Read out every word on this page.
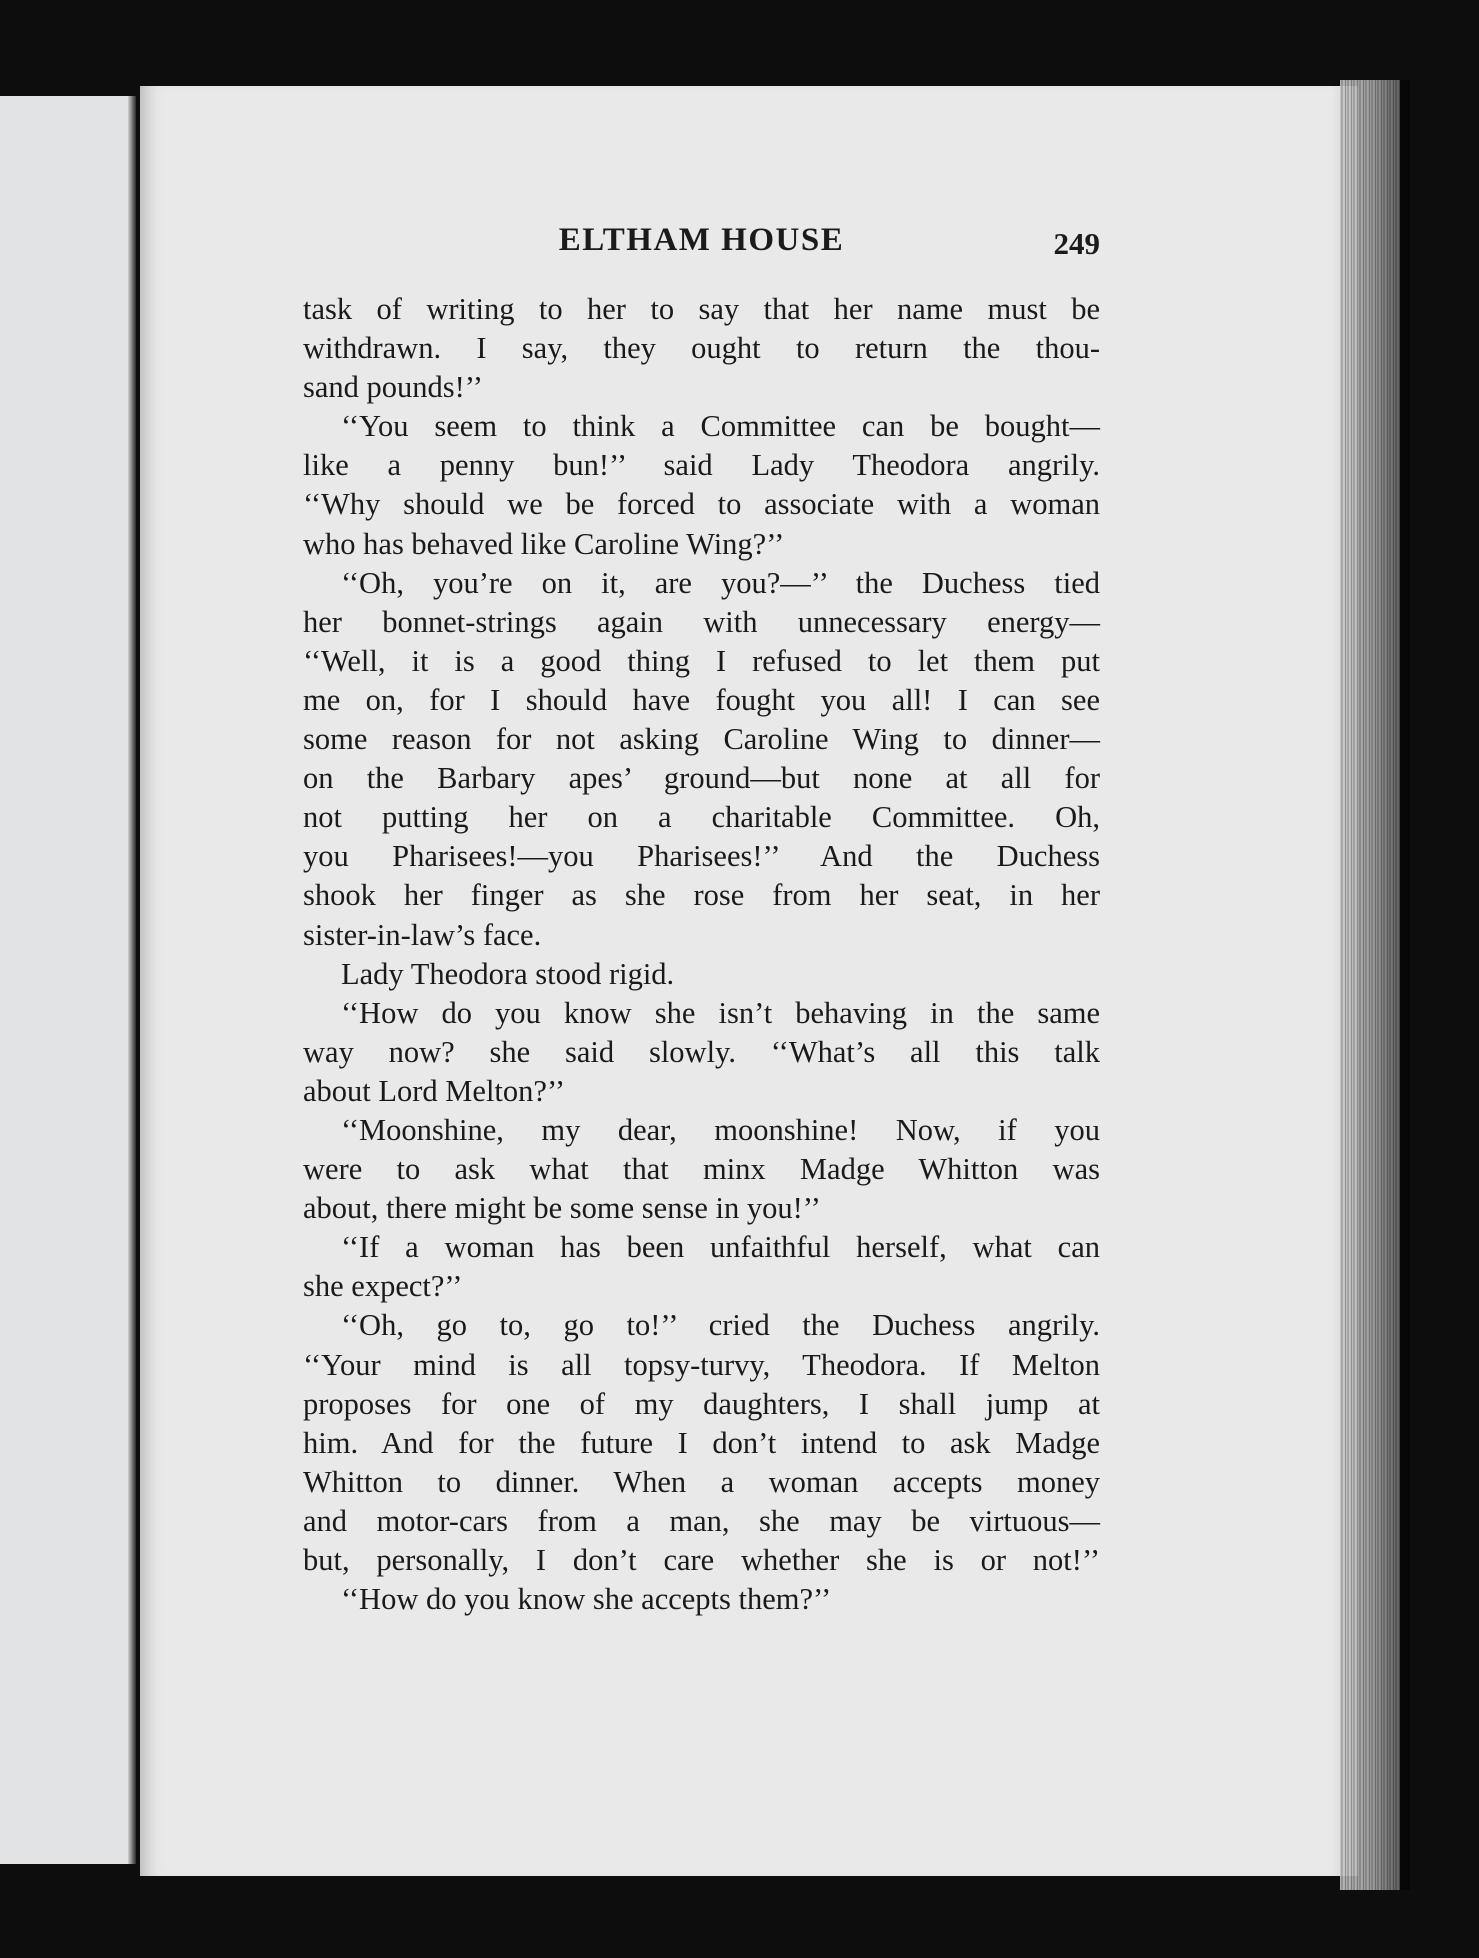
ELTHAM HOUSE	249
task of writing to her to say that her name must be
withdrawn. I say, they ought to return the thou-
sand pounds!’’
‘‘You seem to think a Committee can be bought—
like a penny bun!’’ said Lady Theodora angrily.
‘‘Why should we be forced to associate with a woman
who has behaved like Caroline Wing?’’
‘‘Oh, you’re on it, are you?—’’ the Duchess tied
her bonnet-strings again with unnecessary energy—
‘‘Well, it is a good thing I refused to let them put
me on, for I should have fought you all! I can see
some reason for not asking Caroline Wing to dinner—
on the Barbary apes’ ground—but none at all for
not putting her on a charitable Committee. Oh,
you Pharisees!—you Pharisees!’’ And the Duchess
shook her finger as she rose from her seat, in her
sister-in-law’s face.
Lady Theodora stood rigid.
‘‘How do you know she isn’t behaving in the same
way now? she said slowly. ‘‘What’s all this talk
about Lord Melton?’’
‘‘Moonshine, my dear, moonshine! Now, if you
were to ask what that minx Madge Whitton was
about, there might be some sense in you!’’
‘‘If a woman has been unfaithful herself, what can
she expect?’’
‘‘Oh, go to, go to!’’ cried the Duchess angrily.
‘‘Your mind is all topsy-turvy, Theodora. If Melton
proposes for one of my daughters, I shall jump at
him. And for the future I don’t intend to ask Madge
Whitton to dinner. When a woman accepts money
and motor-cars from a man, she may be virtuous—
but, personally, I don’t care whether she is or not!’’
‘‘How do you know she accepts them?’’
